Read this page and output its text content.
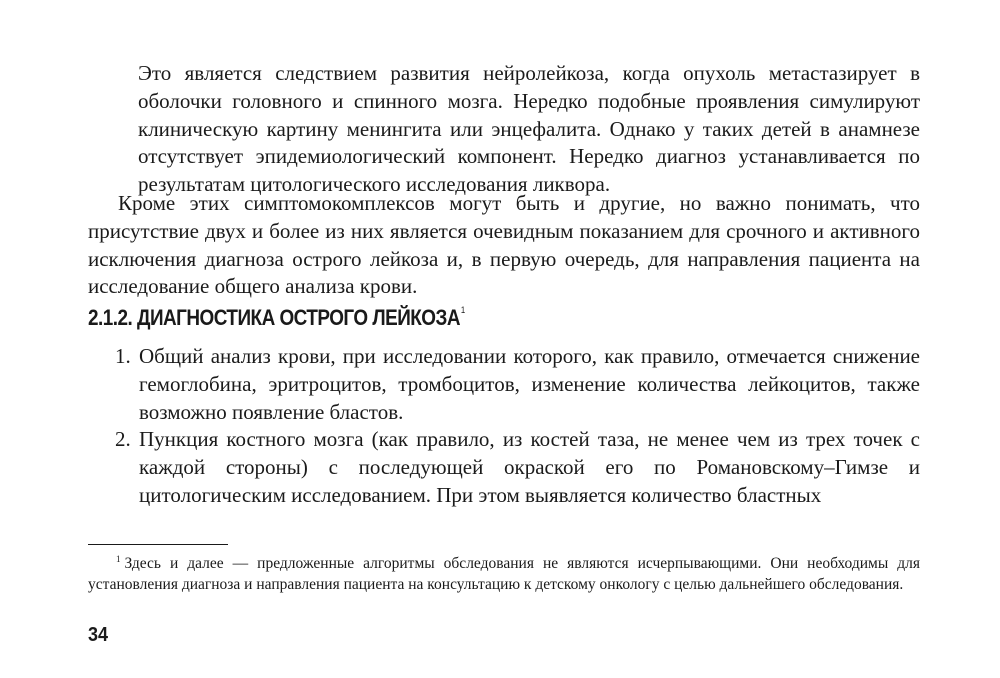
Это является следствием развития нейролейкоза, когда опухоль метастазирует в оболочки головного и спинного мозга. Нередко подобные проявления симулируют клиническую картину менингита или энцефалита. Однако у таких детей в анамнезе отсутствует эпидемиологический компонент. Нередко диагноз устанавливается по результатам цитологического исследования ликвора.

Кроме этих симптомокомплексов могут быть и другие, но важно понимать, что присутствие двух и более из них является очевидным показанием для срочного и активного исключения диагноза острого лейкоза и, в первую очередь, для направления пациента на исследование общего анализа крови.

2.1.2. ДИАГНОСТИКА ОСТРОГО ЛЕЙКОЗА$^1$
1. Общий анализ крови, при исследовании которого, как правило, отмечается снижение гемоглобина, эритроцитов, тромбоцитов, изменение количества лейкоцитов, также возможно появление бластов.
2. Пункция костного мозга (как правило, из костей таза, не менее чем из трех точек с каждой стороны) с последующей окраской его по Романовскому–Гимзе и цитологическим исследованием. При этом выявляется количество бластных

$^1$ Здесь и далее — предложенные алгоритмы обследования не являются исчерпывающими. Они необходимы для установления диагноза и направления пациента на консультацию к детскому онкологу с целью дальнейшего обследования.

34
